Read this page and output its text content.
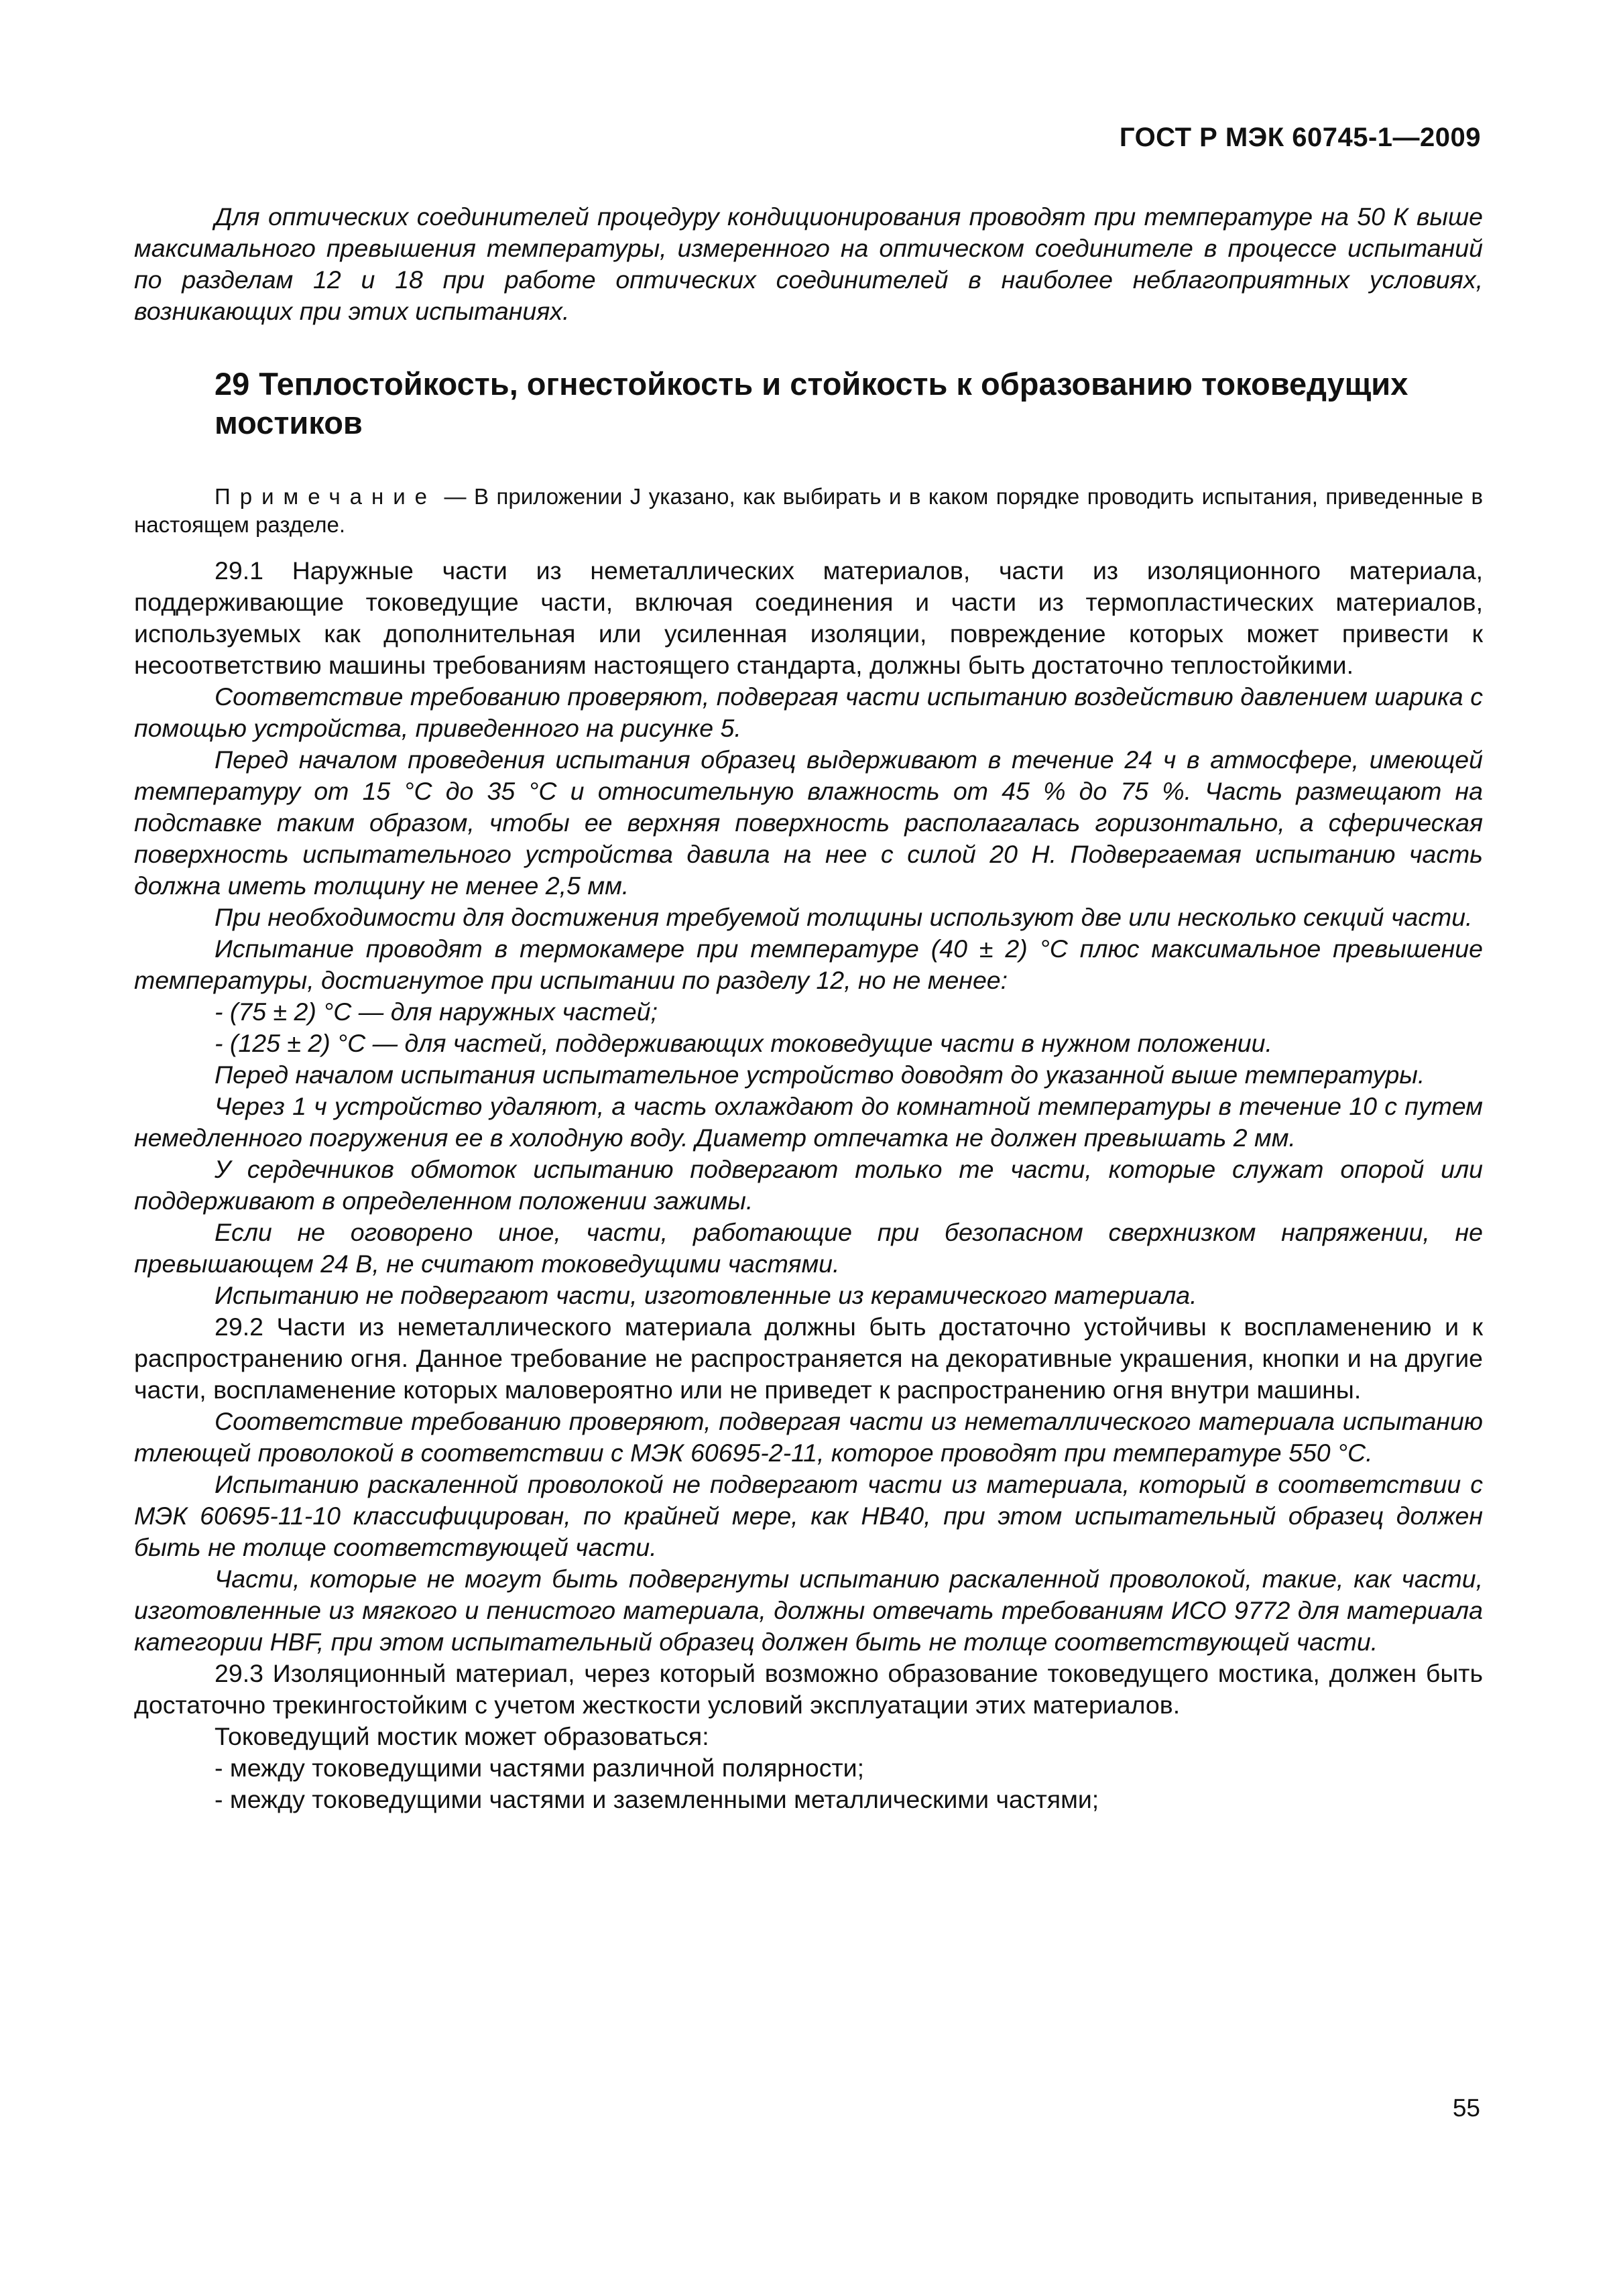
ГОСТ Р МЭК 60745-1—2009

Для оптических соединителей процедуру кондиционирования проводят при температуре на 50 К выше максимального превышения температуры, измеренного на оптическом соединителе в процессе испытаний по разделам 12 и 18 при работе оптических соединителей в наиболее неблагоприятных условиях, возникающих при этих испытаниях.

29 Теплостойкость, огнестойкость и стойкость к образованию токоведущих мостиков

Примечание — В приложении J указано, как выбирать и в каком порядке проводить испытания, приведенные в настоящем разделе.

29.1 Наружные части из неметаллических материалов, части из изоляционного материала, поддерживающие токоведущие части, включая соединения и части из термопластических материалов, используемых как дополнительная или усиленная изоляции, повреждение которых может привести к несоответствию машины требованиям настоящего стандарта, должны быть достаточно теплостойкими.

Соответствие требованию проверяют, подвергая части испытанию воздействию давлением шарика с помощью устройства, приведенного на рисунке 5.

Перед началом проведения испытания образец выдерживают в течение 24 ч в атмосфере, имеющей температуру от 15 °С до 35 °С и относительную влажность от 45 % до 75 %. Часть размещают на подставке таким образом, чтобы ее верхняя поверхность располагалась горизонтально, а сферическая поверхность испытательного устройства давила на нее с силой 20 Н. Подвергаемая испытанию часть должна иметь толщину не менее 2,5 мм.

При необходимости для достижения требуемой толщины используют две или несколько секций части.

Испытание проводят в термокамере при температуре (40 ± 2) °С плюс максимальное превышение температуры, достигнутое при испытании по разделу 12, но не менее:

- (75 ± 2) °С — для наружных частей;

- (125 ± 2) °С — для частей, поддерживающих токоведущие части в нужном положении.

Перед началом испытания испытательное устройство доводят до указанной выше температуры.

Через 1 ч устройство удаляют, а часть охлаждают до комнатной температуры в течение 10 с путем немедленного погружения ее в холодную воду. Диаметр отпечатка не должен превышать 2 мм.

У сердечников обмоток испытанию подвергают только те части, которые служат опорой или поддерживают в определенном положении зажимы.

Если не оговорено иное, части, работающие при безопасном сверхнизком напряжении, не превышающем 24 В, не считают токоведущими частями.

Испытанию не подвергают части, изготовленные из керамического материала.

29.2 Части из неметаллического материала должны быть достаточно устойчивы к воспламенению и к распространению огня. Данное требование не распространяется на декоративные украшения, кнопки и на другие части, воспламенение которых маловероятно или не приведет к распространению огня внутри машины.

Соответствие требованию проверяют, подвергая части из неметаллического материала испытанию тлеющей проволокой в соответствии с МЭК 60695-2-11, которое проводят при температуре 550 °С.

Испытанию раскаленной проволокой не подвергают части из материала, который в соответствии с МЭК 60695-11-10 классифицирован, по крайней мере, как НВ40, при этом испытательный образец должен быть не толще соответствующей части.

Части, которые не могут быть подвергнуты испытанию раскаленной проволокой, такие, как части, изготовленные из мягкого и пенистого материала, должны отвечать требованиям ИСО 9772 для материала категории HBF, при этом испытательный образец должен быть не толще соответствующей части.

29.3 Изоляционный материал, через который возможно образование токоведущего мостика, должен быть достаточно трекингостойким с учетом жесткости условий эксплуатации этих материалов.

Токоведущий мостик может образоваться:

- между токоведущими частями различной полярности;

- между токоведущими частями и заземленными металлическими частями;

55
